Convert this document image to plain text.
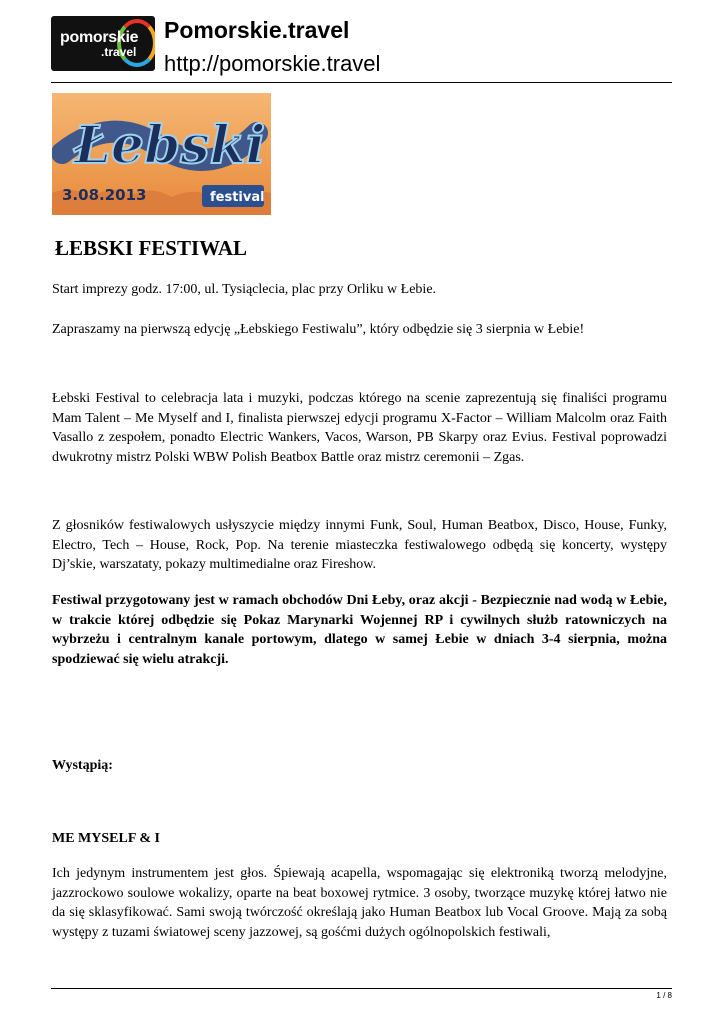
pomorskie
.travel
Pomorskie.travel
http://pomorskie.travel
Łebski
3.08.2013	festival
ŁEBSKI FESTIWAL

Start imprezy godz. 17:00, ul. Tysiąclecia, plac przy Orliku w Łebie.

Zapraszamy na pierwszą edycję „Łebskiego Festiwalu”, który odbędzie się 3 sierpnia w Łebie!

Łebski Festival to celebracja lata i muzyki, podczas którego na scenie zaprezentują się finaliści programu Mam Talent – Me Myself and I, finalista pierwszej edycji programu X-Factor – William Malcolm oraz Faith Vasallo z zespołem, ponadto Electric Wankers, Vacos, Warson, PB Skarpy oraz Evius. Festival poprowadzi dwukrotny mistrz Polski WBW Polish Beatbox Battle oraz mistrz ceremonii – Zgas.

Z głosników festiwalowych usłyszycie między innymi Funk, Soul, Human Beatbox, Disco, House, Funky, Electro, Tech – House, Rock, Pop. Na terenie miasteczka festiwalowego odbędą się koncerty, występy Dj’skie, warszataty, pokazy multimedialne oraz Fireshow.

Festiwal przygotowany jest w ramach obchodów Dni Łeby, oraz akcji - Bezpiecznie nad wodą w Łebie, w trakcie której odbędzie się Pokaz Marynarki Wojennej RP i cywilnych służb ratowniczych na wybrzeżu i centralnym kanale portowym, dlatego w samej Łebie w dniach 3-4 sierpnia, można spodziewać się wielu atrakcji.

Wystąpią:

ME MYSELF & I

Ich jedynym instrumentem jest głos. Śpiewają acapella, wspomagając się elektroniką tworzą melodyjne, jazzrockowo soulowe wokalizy, oparte na beat boxowej rytmice. 3 osoby, tworzące muzykę której łatwo nie da się sklasyfikować. Sami swoją twórczość określają jako Human Beatbox lub Vocal Groove. Mają za sobą występy z tuzami światowej sceny jazzowej, są gośćmi dużych ogólnopolskich festiwali,

1 / 8
